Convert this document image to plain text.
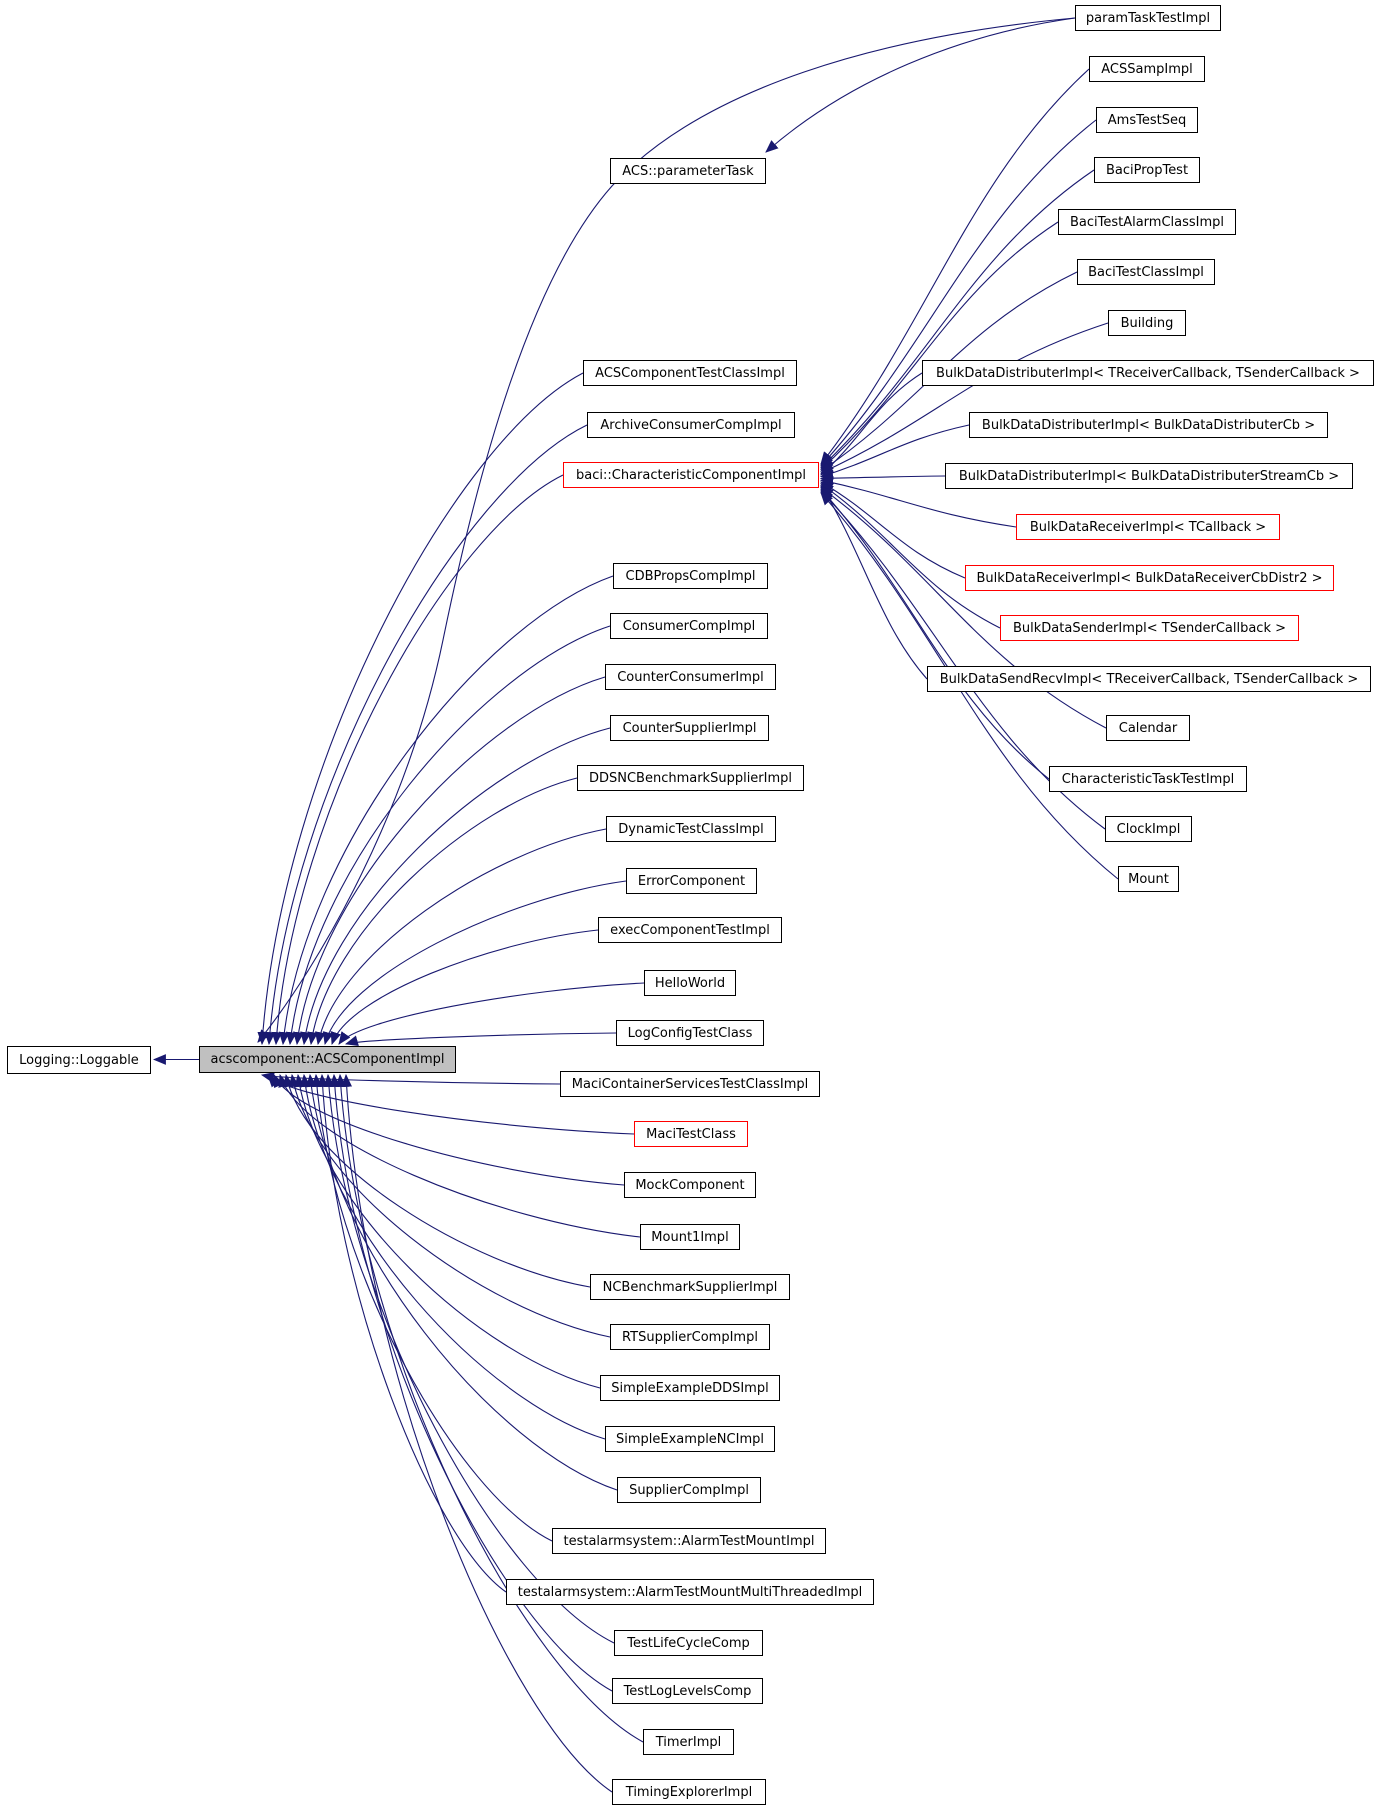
Logging::Loggable	acscomponent::ACSComponentImpl
ACS::parameterTask
paramTaskTestImpl
ACSSampImpl
AmsTestSeq
BaciPropTest
BaciTestAlarmClassImpl
BaciTestClassImpl
Building
BulkDataDistributerImpl< TReceiverCallback, TSenderCallback >
BulkDataDistributerImpl< BulkDataDistributerCb >
BulkDataDistributerImpl< BulkDataDistributerStreamCb >
BulkDataReceiverImpl< TCallback >
BulkDataReceiverImpl< BulkDataReceiverCbDistr2 >
BulkDataSenderImpl< TSenderCallback >
BulkDataSendRecvImpl< TReceiverCallback, TSenderCallback >
Calendar
CharacteristicTaskTestImpl
ClockImpl
Mount
ACSComponentTestClassImpl
ArchiveConsumerCompImpl
baci::CharacteristicComponentImpl
CDBPropsCompImpl
ConsumerCompImpl
CounterConsumerImpl
CounterSupplierImpl
DDSNCBenchmarkSupplierImpl
DynamicTestClassImpl
ErrorComponent
execComponentTestImpl
HelloWorld
LogConfigTestClass
MaciContainerServicesTestClassImpl
MaciTestClass
MockComponent
Mount1Impl
NCBenchmarkSupplierImpl
RTSupplierCompImpl
SimpleExampleDDSImpl
SimpleExampleNCImpl
SupplierCompImpl
testalarmsystem::AlarmTestMountImpl
testalarmsystem::AlarmTestMountMultiThreadedImpl
TestLifeCycleComp
TestLogLevelsComp
TimerImpl
TimingExplorerImpl
